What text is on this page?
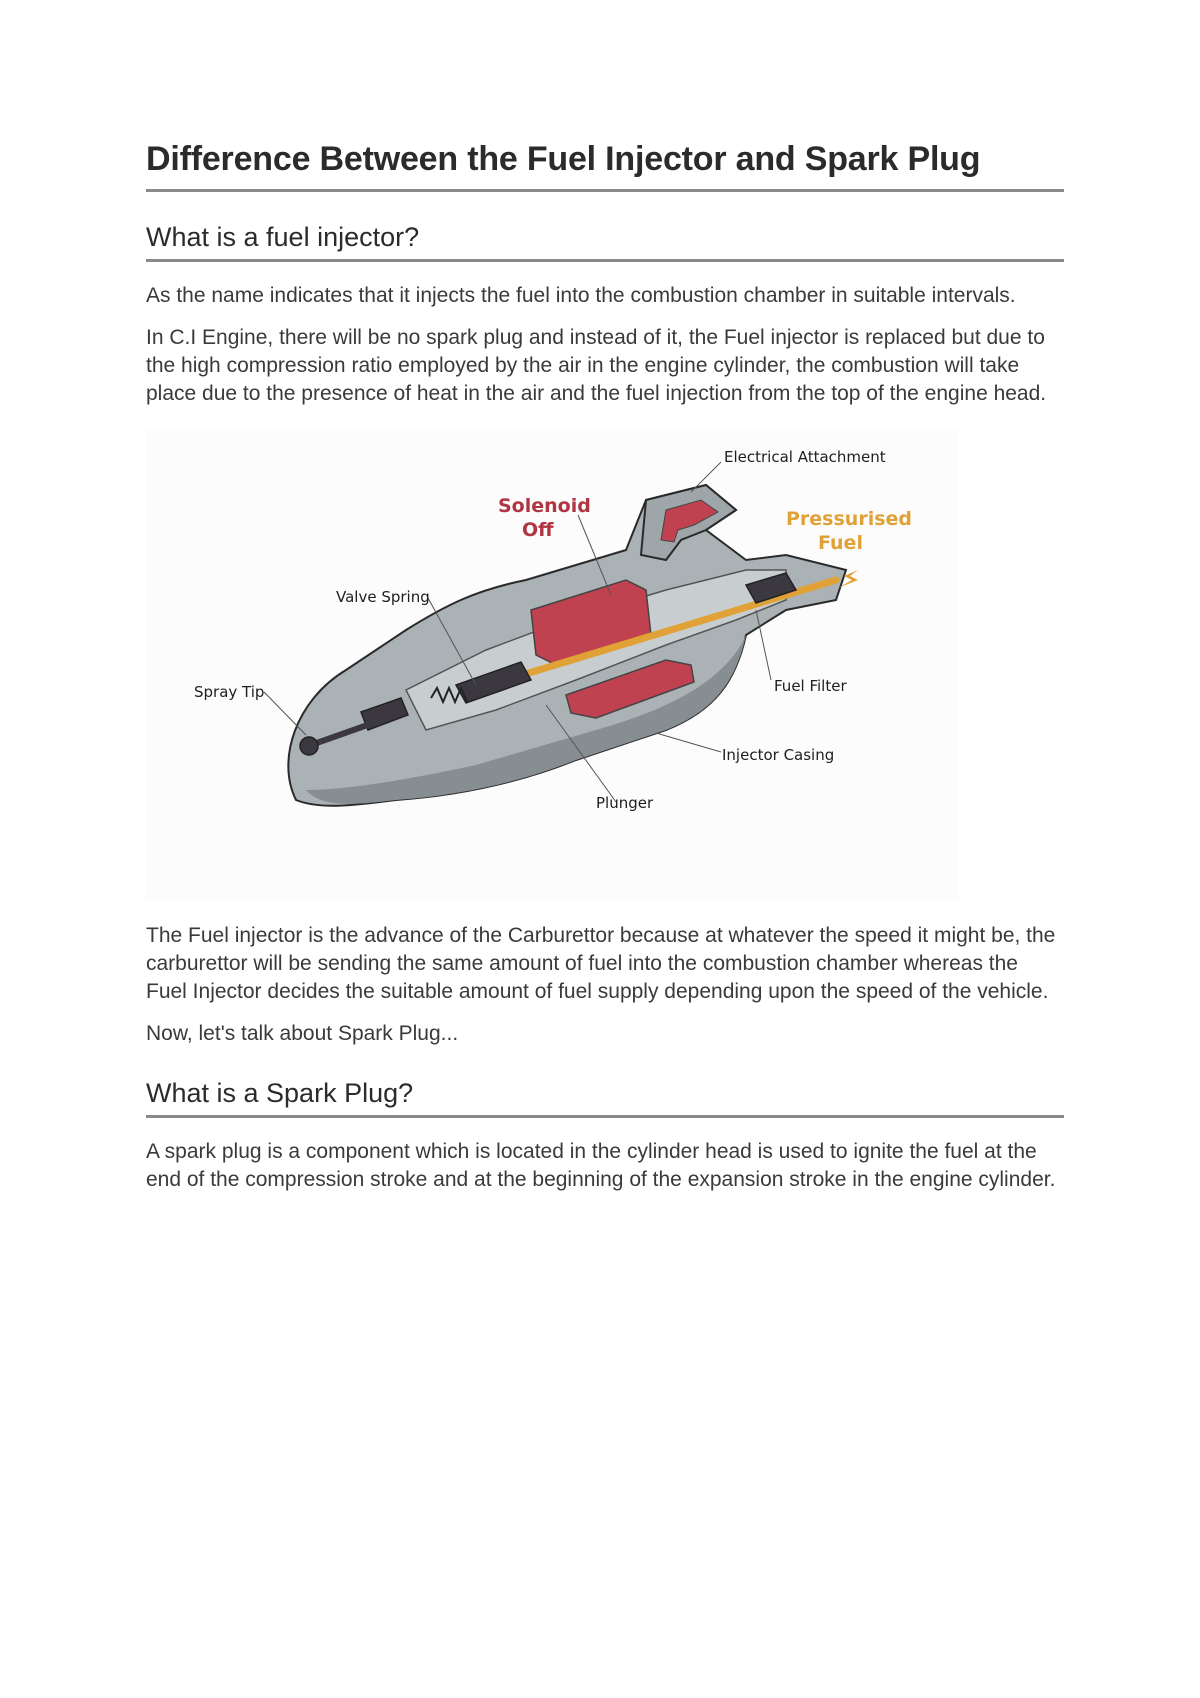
Difference Between the Fuel Injector and Spark Plug
What is a fuel injector?

As the name indicates that it injects the fuel into the combustion chamber in suitable intervals.

In C.I Engine, there will be no spark plug and instead of it, the Fuel injector is replaced but due to the high compression ratio employed by the air in the engine cylinder, the combustion will take place due to the presence of heat in the air and the fuel injection from the top of the engine head.

Electrical Attachment
Solenoid
Off	Pressurised
Fuel
Valve Spring
Spray Tip	Fuel Filter
Injector Casing
Plunger

The Fuel injector is the advance of the Carburettor because at whatever the speed it might be, the carburettor will be sending the same amount of fuel into the combustion chamber whereas the Fuel Injector decides the suitable amount of fuel supply depending upon the speed of the vehicle.

Now, let's talk about Spark Plug...

What is a Spark Plug?

A spark plug is a component which is located in the cylinder head is used to ignite the fuel at the end of the compression stroke and at the beginning of the expansion stroke in the engine cylinder.
